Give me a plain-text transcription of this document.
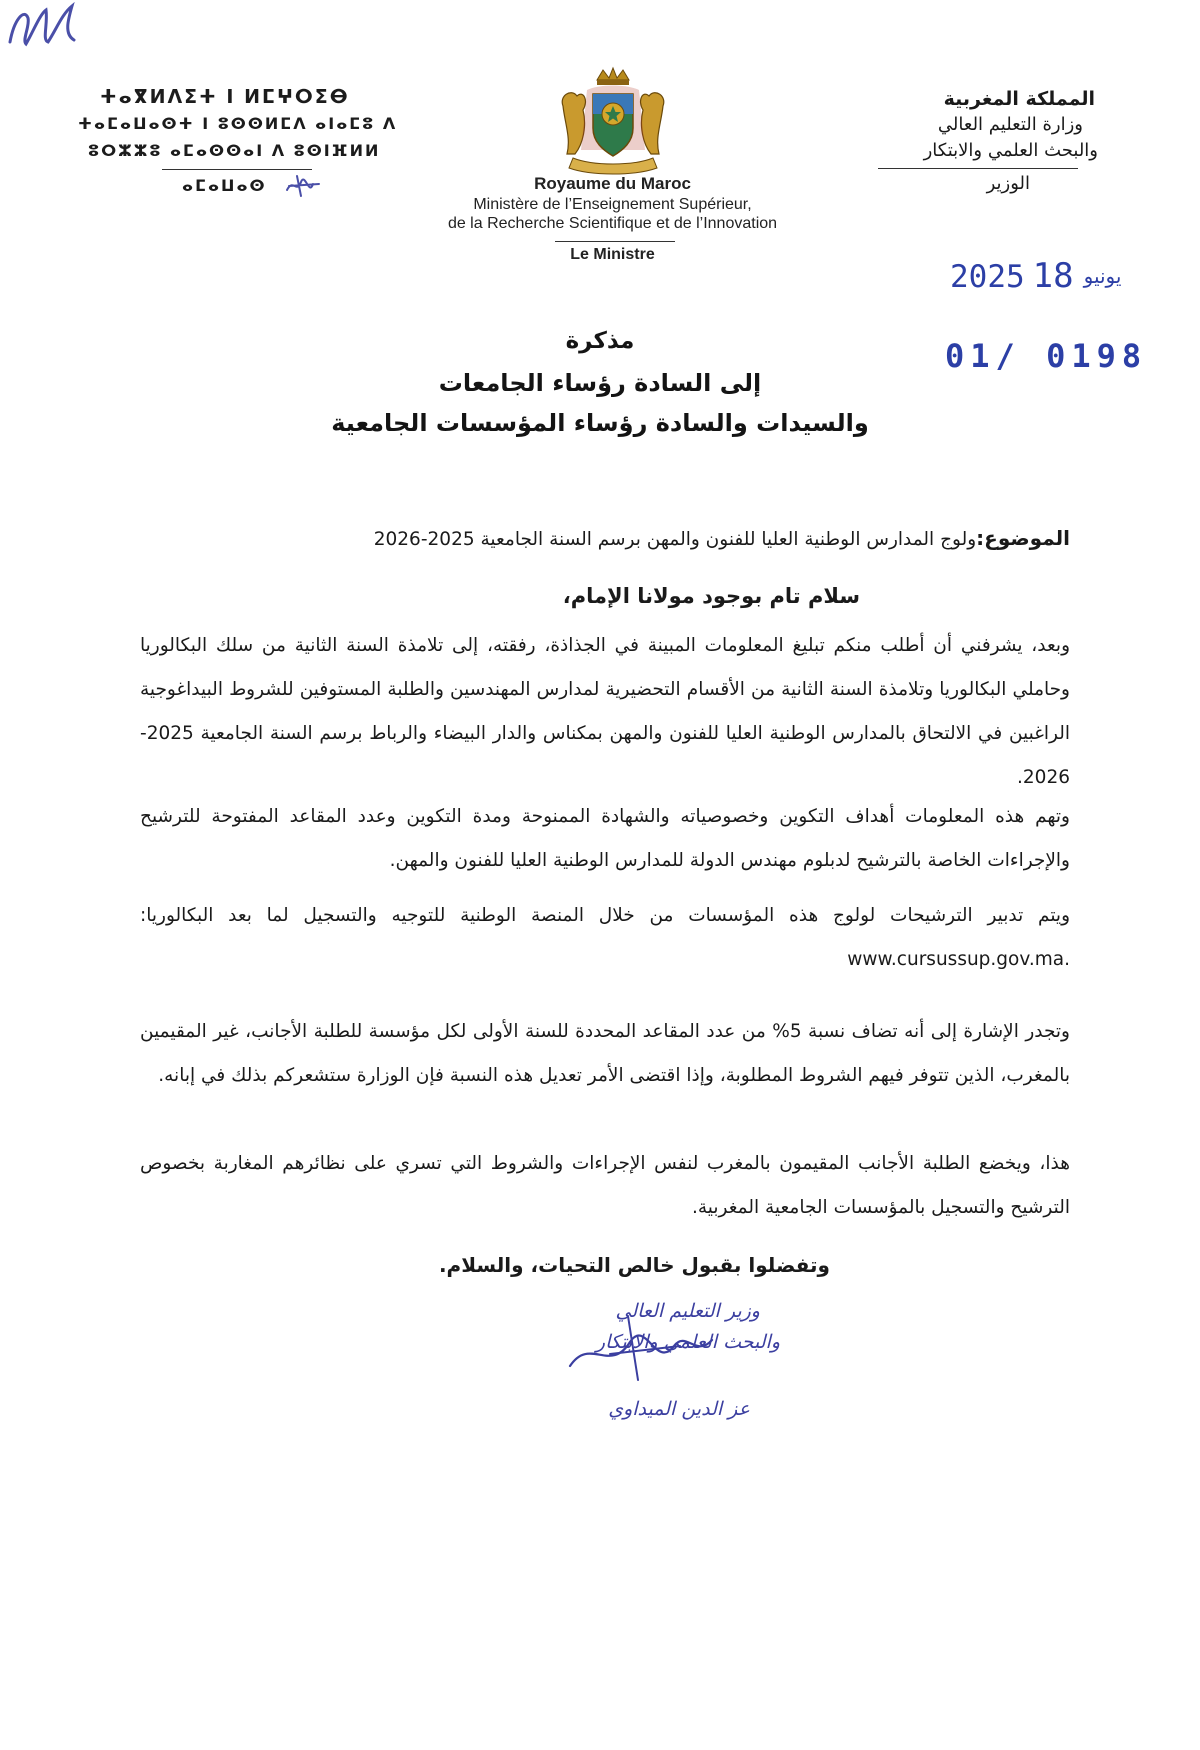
ⵜⴰⴳⵍⴷⵉⵜ ⵏ ⵍⵎⵖⵔⵉⴱ
ⵜⴰⵎⴰⵡⴰⵙⵜ ⵏ ⵓⵙⵙⵍⵎⴷ ⴰⵏⴰⵎⵓ ⴷ
ⵓⵔⵣⵣⵓ ⴰⵎⴰⵙⵙⴰⵏ ⴷ ⵓⵙⵏⴼⵍⵍ
ⴰⵎⴰⵡⴰⵙ	Royaume du Maroc
Ministère de l’Enseignement Supérieur,
de la Recherche Scientifique et de l’Innovation
Le Ministre
المملكة المغربية
وزارة التعليم العالي
والبحث العلمي والابتكار
الوزير
2025	يونيو18
01/ 0198
مذكرة
إلى السادة رؤساء الجامعات
والسيدات والسادة رؤساء المؤسسات الجامعية
الموضوع:ولوج المدارس الوطنية العليا للفنون والمهن برسم السنة الجامعية 2025-2026
سلام تام بوجود مولانا الإمام،

وبعد، يشرفني أن أطلب منكم تبليغ المعلومات المبينة في الجذاذة، رفقته، إلى تلامذة السنة الثانية من سلك البكالوريا وحاملي البكالوريا وتلامذة السنة الثانية من الأقسام التحضيرية لمدارس المهندسين والطلبة المستوفين للشروط البيداغوجية الراغبين في الالتحاق بالمدارس الوطنية العليا للفنون والمهن بمكناس والدار البيضاء والرباط برسم السنة الجامعية 2025-2026.

وتهم هذه المعلومات أهداف التكوين وخصوصياته والشهادة الممنوحة ومدة التكوين وعدد المقاعد المفتوحة للترشيح والإجراءات الخاصة بالترشيح لدبلوم مهندس الدولة للمدارس الوطنية العليا للفنون والمهن.

ويتم تدبير الترشيحات لولوج هذه المؤسسات من خلال المنصة الوطنية للتوجيه والتسجيل لما بعد البكالوريا: www.cursussup.gov.ma.

وتجدر الإشارة إلى أنه تضاف نسبة 5% من عدد المقاعد المحددة للسنة الأولى لكل مؤسسة للطلبة الأجانب، غير المقيمين بالمغرب، الذين تتوفر فيهم الشروط المطلوبة، وإذا اقتضى الأمر تعديل هذه النسبة فإن الوزارة ستشعركم بذلك في إبانه.

هذا، ويخضع الطلبة الأجانب المقيمون بالمغرب لنفس الإجراءات والشروط التي تسري على نظائرهم المغاربة بخصوص الترشيح والتسجيل بالمؤسسات الجامعية المغربية.

وتفضلوا بقبول خالص التحيات، والسلام.
وزير التعليم العالي
والبحث العلمي والابتكار
عز الدين الميداوي
